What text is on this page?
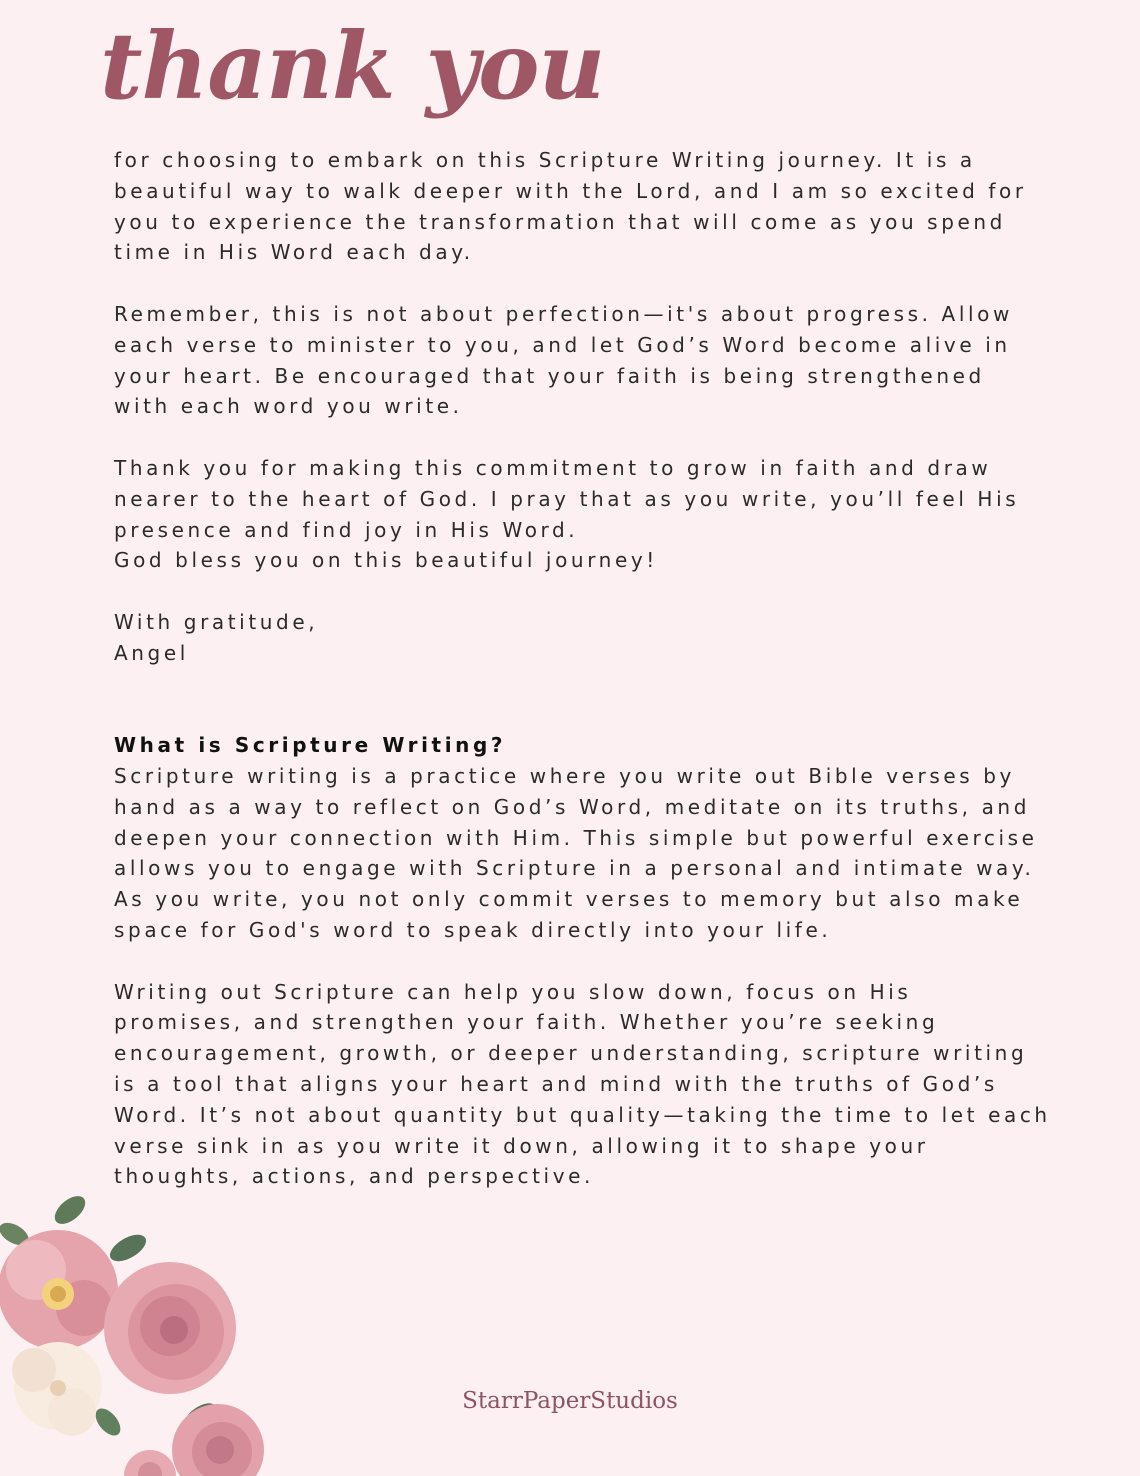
thank you
for choosing to embark on this Scripture Writing journey. It is a
beautiful way to walk deeper with the Lord, and I am so excited for
you to experience the transformation that will come as you spend
time in His Word each day.
Remember, this is not about perfection—it's about progress. Allow
each verse to minister to you, and let God’s Word become alive in
your heart. Be encouraged that your faith is being strengthened
with each word you write.
Thank you for making this commitment to grow in faith and draw
nearer to the heart of God. I pray that as you write, you’ll feel His
presence and find joy in His Word.
God bless you on this beautiful journey!
With gratitude,
Angel
What is Scripture Writing?
Scripture writing is a practice where you write out Bible verses by
hand as a way to reflect on God’s Word, meditate on its truths, and
deepen your connection with Him. This simple but powerful exercise
allows you to engage with Scripture in a personal and intimate way.
As you write, you not only commit verses to memory but also make
space for God's word to speak directly into your life.
Writing out Scripture can help you slow down, focus on His
promises, and strengthen your faith. Whether you’re seeking
encouragement, growth, or deeper understanding, scripture writing
is a tool that aligns your heart and mind with the truths of God’s
Word. It’s not about quantity but quality—taking the time to let each
verse sink in as you write it down, allowing it to shape your
thoughts, actions, and perspective.
StarrPaperStudios
